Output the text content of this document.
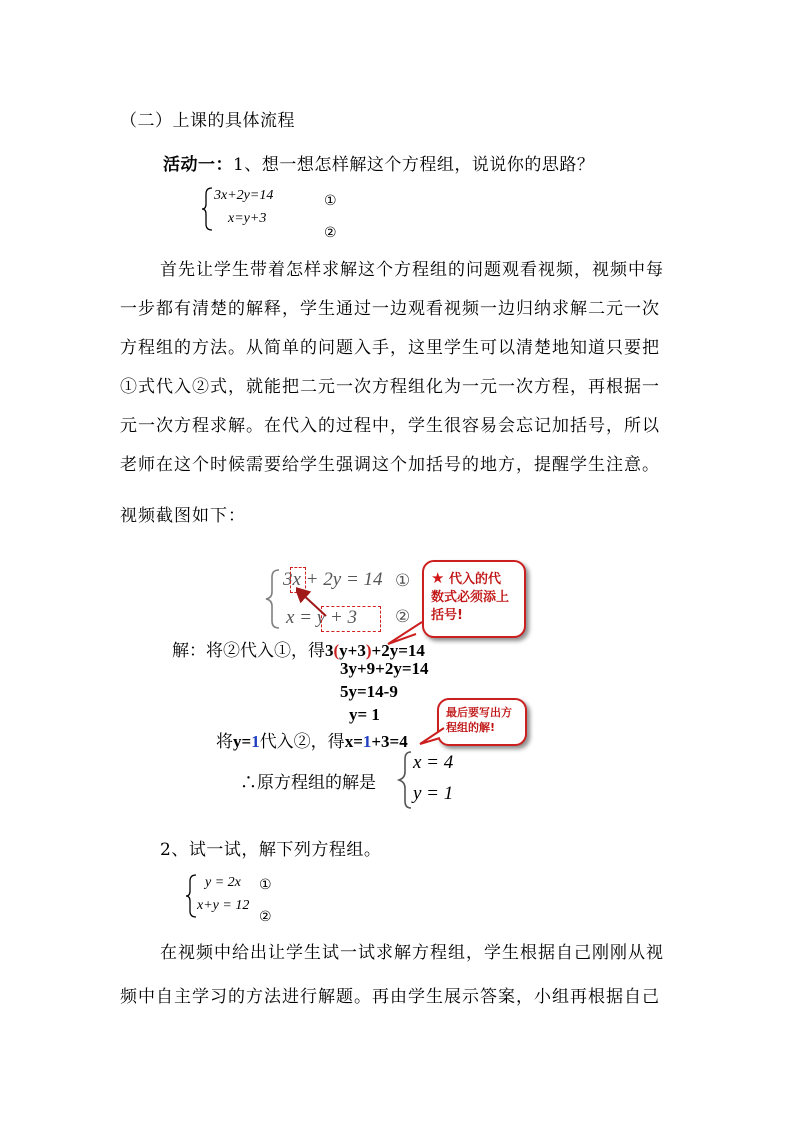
（二）上课的具体流程
活动一：1、想一想怎样解这个方程组，说说你的思路？
3x+2y=14
x=y+3
①
②
首先让学生带着怎样求解这个方程组的问题观看视频，视频中每
一步都有清楚的解释，学生通过一边观看视频一边归纳求解二元一次
方程组的方法。从简单的问题入手，这里学生可以清楚地知道只要把
①式代入②式，就能把二元一次方程组化为一元一次方程，再根据一
元一次方程求解。在代入的过程中，学生很容易会忘记加括号，所以
老师在这个时候需要给学生强调这个加括号的地方，提醒学生注意。
视频截图如下：
3x + 2y = 14
x = y + 3
①
②
★ 代入的代
数式必须添上
括号!
解：将②代入①，得3(y+3)+2y=14
3y+9+2y=14
5y=14-9
y= 1
将y=1代入②，得x=1+3=4
最后要写出方
程组的解!
∴原方程组的解是
x = 4
y = 1
2、试一试，解下列方程组。
y = 2x
x+y = 12
①
②
在视频中给出让学生试一试求解方程组，学生根据自己刚刚从视
频中自主学习的方法进行解题。再由学生展示答案，小组再根据自己
